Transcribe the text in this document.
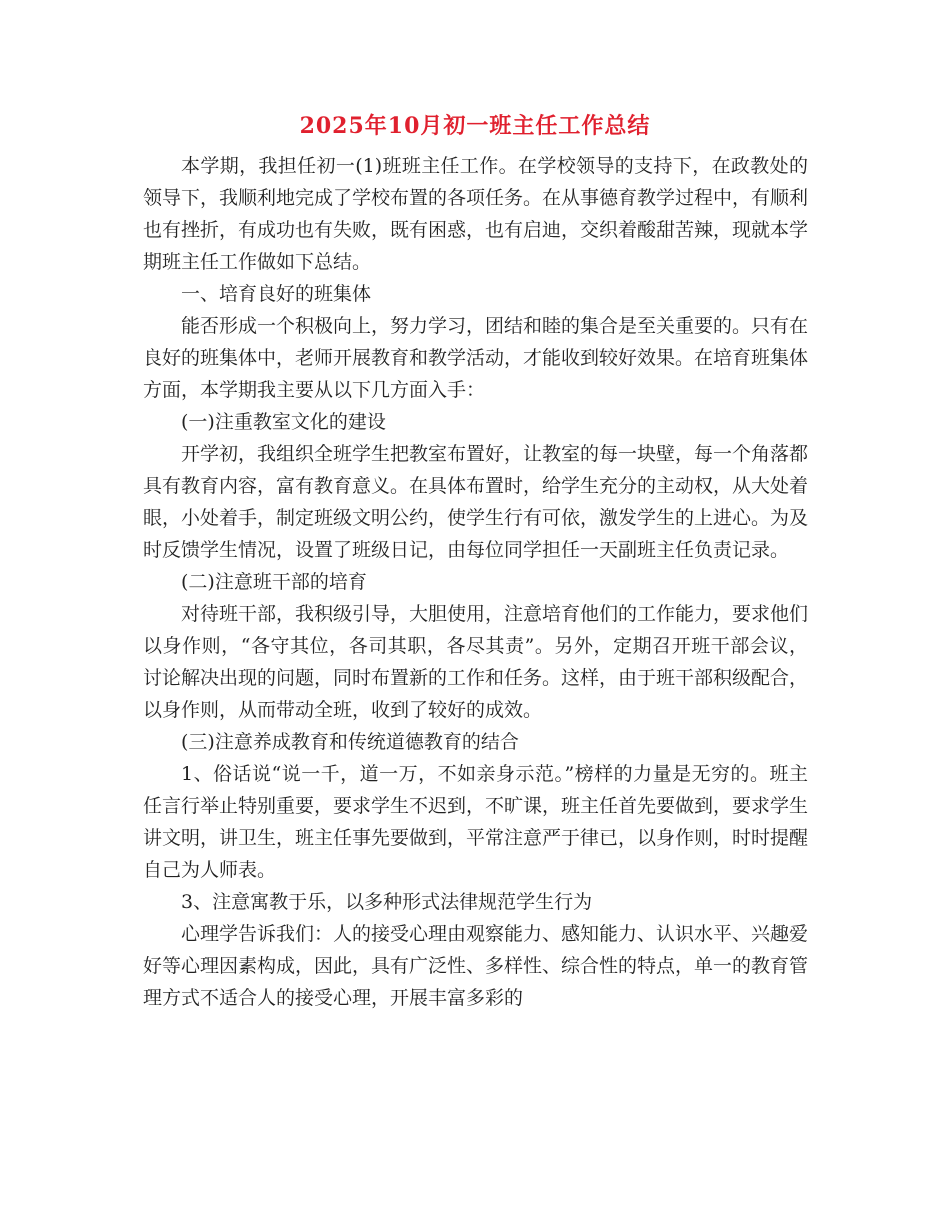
2025年10月初一班主任工作总结

本学期，我担任初一(1)班班主任工作。在学校领导的支持下，在政教处的领导下，我顺利地完成了学校布置的各项任务。在从事德育教学过程中，有顺利也有挫折，有成功也有失败，既有困惑，也有启迪，交织着酸甜苦辣，现就本学期班主任工作做如下总结。

一、培育良好的班集体

能否形成一个积极向上，努力学习，团结和睦的集合是至关重要的。只有在良好的班集体中，老师开展教育和教学活动，才能收到较好效果。在培育班集体方面，本学期我主要从以下几方面入手：

(一)注重教室文化的建设

开学初，我组织全班学生把教室布置好，让教室的每一块壁，每一个角落都具有教育内容，富有教育意义。在具体布置时，给学生充分的主动权，从大处着眼，小处着手，制定班级文明公约，使学生行有可依，激发学生的上进心。为及时反馈学生情况，设置了班级日记，由每位同学担任一天副班主任负责记录。

(二)注意班干部的培育

对待班干部，我积级引导，大胆使用，注意培育他们的工作能力，要求他们以身作则，“各守其位，各司其职，各尽其责”。另外，定期召开班干部会议，讨论解决出现的问题，同时布置新的工作和任务。这样，由于班干部积级配合，以身作则，从而带动全班，收到了较好的成效。

(三)注意养成教育和传统道德教育的结合

1、俗话说“说一千，道一万，不如亲身示范。”榜样的力量是无穷的。班主任言行举止特别重要，要求学生不迟到，不旷课，班主任首先要做到，要求学生讲文明，讲卫生，班主任事先要做到，平常注意严于律已，以身作则，时时提醒自己为人师表。

3、注意寓教于乐，以多种形式法律规范学生行为

心理学告诉我们：人的接受心理由观察能力、感知能力、认识水平、兴趣爱好等心理因素构成，因此，具有广泛性、多样性、综合性的特点，单一的教育管理方式不适合人的接受心理，开展丰富多彩的
